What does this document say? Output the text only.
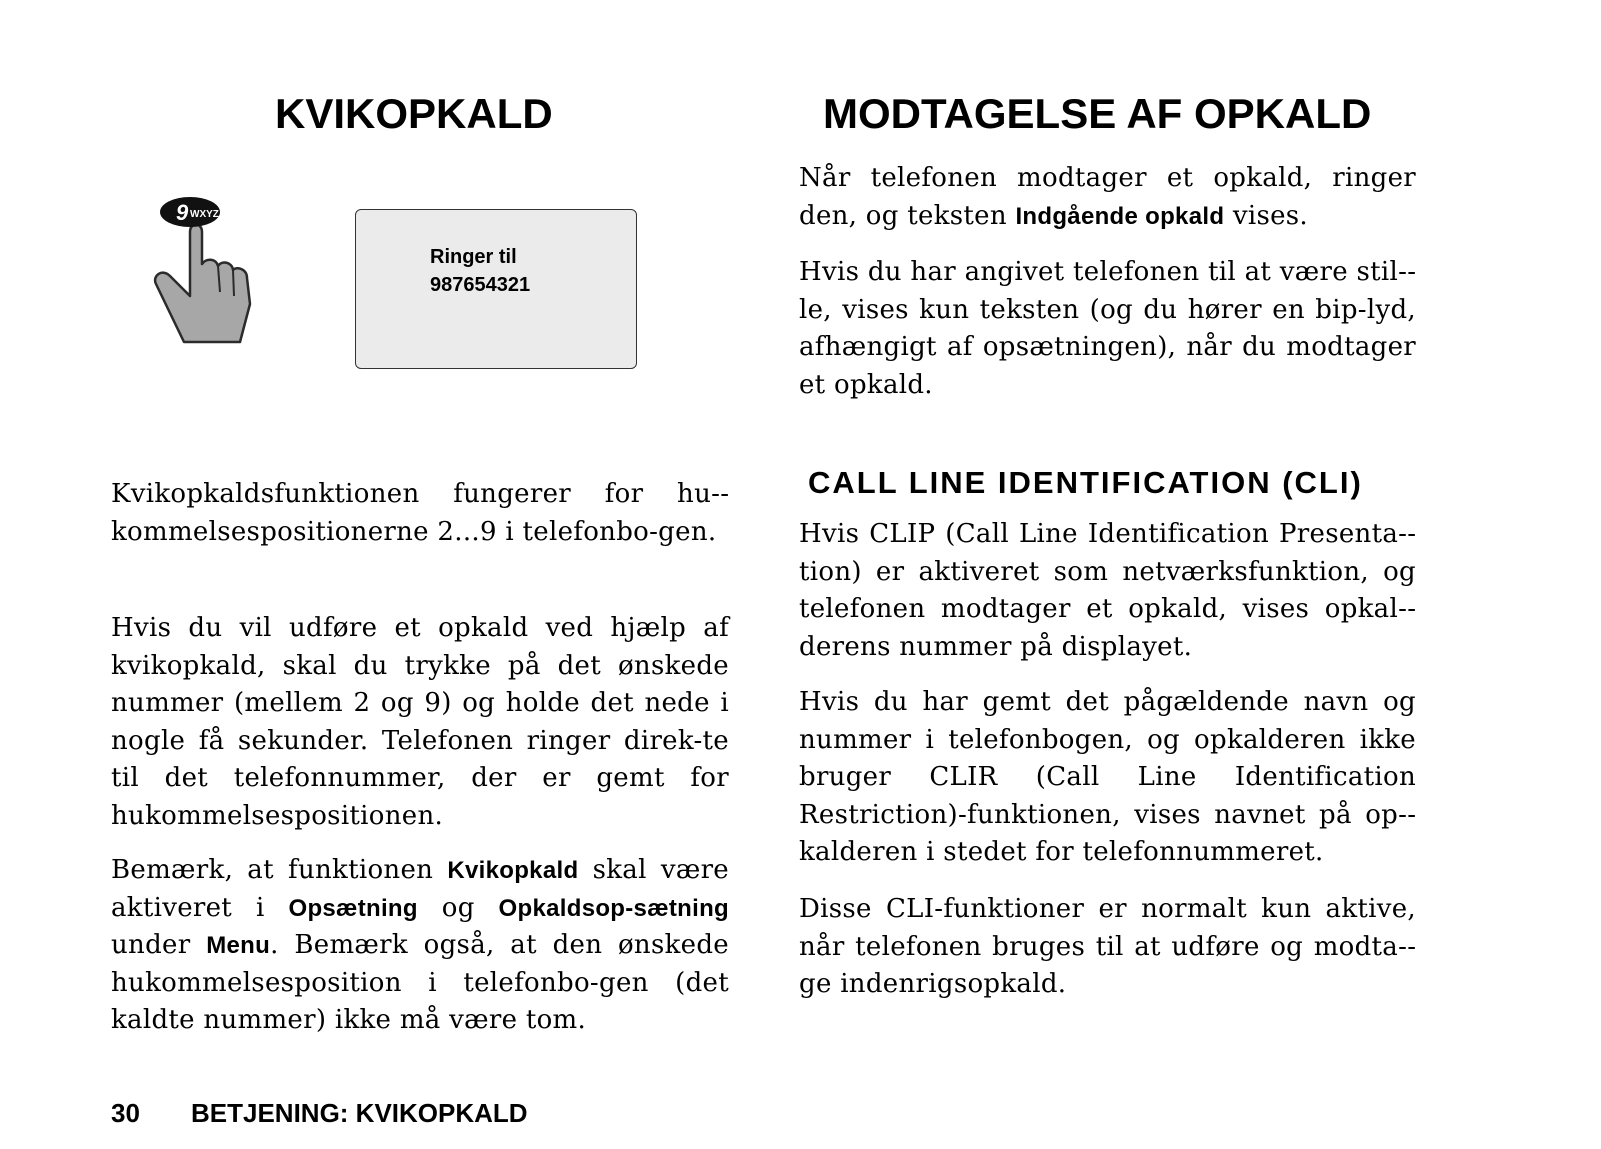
KVIKOPKALD

Kvikopkaldsfunktionen fungerer for hu-kommelsespositionerne 2...9 i telefonbo-gen.

Hvis du vil udføre et opkald ved hjælp af kvikopkald, skal du trykke på det ønskede nummer (mellem 2 og 9) og holde det nede i nogle få sekunder. Telefonen ringer direk-te til det telefonnummer, der er gemt for hukommelsespositionen.

Bemærk, at funktionen Kvikopkald skal være aktiveret i Opsætning og Opkaldsop-sætning under Menu. Bemærk også, at den ønskede hukommelsesposition i telefonbo-gen (det kaldte nummer) ikke må være tom.

9 WXYZ
Ringer til
987654321
MODTAGELSE AF OPKALD

Når telefonen modtager et opkald, ringer den, og teksten Indgående opkald vises.

Hvis du har angivet telefonen til at være stil-le, vises kun teksten (og du hører en bip-lyd, afhængigt af opsætningen), når du modtager et opkald.

CALL LINE IDENTIFICATION (CLI)

Hvis CLIP (Call Line Identification Presenta-tion) er aktiveret som netværksfunktion, og telefonen modtager et opkald, vises opkal-derens nummer på displayet.

Hvis du har gemt det pågældende navn og nummer i telefonbogen, og opkalderen ikke bruger CLIR (Call Line Identification Restriction)-funktionen, vises navnet på op-kalderen i stedet for telefonnummeret.

Disse CLI-funktioner er normalt kun aktive, når telefonen bruges til at udføre og modta-ge indenrigsopkald.

30 BETJENING: KVIKOPKALD
